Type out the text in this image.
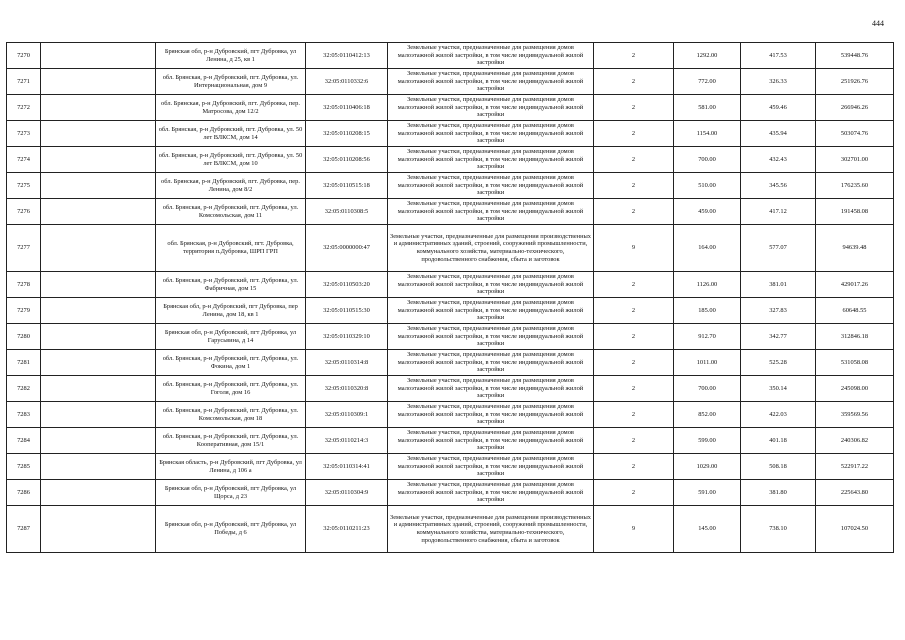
444
7270		Брянская обл, р-н Дубровский, пгт Дубровка, ул Ленина, д 25, кв 1	32:05:0110412:13	Земельные участки, предназначенные для размещения домов малоэтажной жилой застройки, в том числе индивидуальной жилой застройки	2	1292.00	417.53	539448.76
7271		обл. Брянская, р-н Дубровский, пгт. Дубровка, ул. Интернациональная, дом 9	32:05:0110332:6	Земельные участки, предназначенные для размещения домов малоэтажной жилой застройки, в том числе индивидуальной жилой застройки	2	772.00	326.33	251926.76
7272		обл. Брянская, р-н Дубровский, пгт. Дубровка, пер. Матросова, дом 12/2	32:05:0110406:18	Земельные участки, предназначенные для размещения домов малоэтажной жилой застройки, в том числе индивидуальной жилой застройки	2	581.00	459.46	266946.26
7273		обл. Брянская, р-н Дубровский, пгт. Дубровка, ул. 50 лет ВЛКСМ, дом 14	32:05:0110208:15	Земельные участки, предназначенные для размещения домов малоэтажной жилой застройки, в том числе индивидуальной жилой застройки	2	1154.00	435.94	503074.76
7274		обл. Брянская, р-н Дубровский, пгт. Дубровка, ул. 50 лет ВЛКСМ, дом 10	32:05:0110208:56	Земельные участки, предназначенные для размещения домов малоэтажной жилой застройки, в том числе индивидуальной жилой застройки	2	700.00	432.43	302701.00
7275		обл. Брянская, р-н Дубровский, пгт. Дубровка, пер. Ленина, дом 8/2	32:05:0110515:18	Земельные участки, предназначенные для размещения домов малоэтажной жилой застройки, в том числе индивидуальной жилой застройки	2	510.00	345.56	176235.60
7276		обл. Брянская, р-н Дубровский, пгт. Дубровка, ул. Комсомольская, дом 11	32:05:0110308:5	Земельные участки, предназначенные для размещения домов малоэтажной жилой застройки, в том числе индивидуальной жилой застройки	2	459.00	417.12	191458.08
7277		обл. Брянская, р-н Дубровский, пгт. Дубровка, территория п.Дубровка, ШРП ГРП	32:05:0000000:47	Земельные участки, предназначенные для размещения производственных и административных зданий, строений, сооружений промышленности, коммунального хозяйства, материально-технического, продовольственного снабжения, сбыта и заготовок	9	164.00	577.07	94639.48
7278		обл. Брянская, р-н Дубровский, пгт. Дубровка, ул. Фабричная, дом 15	32:05:0110503:20	Земельные участки, предназначенные для размещения домов малоэтажной жилой застройки, в том числе индивидуальной жилой застройки	2	1126.00	381.01	429017.26
7279		Брянская обл, р-н Дубровский, пгт Дубровка, пер Ленина, дом 18, кв 1	32:05:0110515:30	Земельные участки, предназначенные для размещения домов малоэтажной жилой застройки, в том числе индивидуальной жилой застройки	2	185.00	327.83	60648.55
7280		Брянская обл, р-н Дубровский, пгт Дубровка, ул Гарусьвина, д 14	32:05:0110329:10	Земельные участки, предназначенные для размещения домов малоэтажной жилой застройки, в том числе индивидуальной жилой застройки	2	912.70	342.77	312846.18
7281		обл. Брянская, р-н Дубровский, пгт. Дубровка, ул. Фокина, дом 1	32:05:0110314:8	Земельные участки, предназначенные для размещения домов малоэтажной жилой застройки, в том числе индивидуальной жилой застройки	2	1011.00	525.28	531058.08
7282		обл. Брянская, р-н Дубровский, пгт. Дубровка, ул. Гоголя, дом 16	32:05:0110320:8	Земельные участки, предназначенные для размещения домов малоэтажной жилой застройки, в том числе индивидуальной жилой застройки	2	700.00	350.14	245098.00
7283		обл. Брянская, р-н Дубровский, пгт. Дубровка, ул. Комсомольская, дом 18	32:05:0110309:1	Земельные участки, предназначенные для размещения домов малоэтажной жилой застройки, в том числе индивидуальной жилой застройки	2	852.00	422.03	359569.56
7284		обл. Брянская, р-н Дубровский, пгт. Дубровка, ул. Кооперативная, дом 15/1	32:05:0110214:3	Земельные участки, предназначенные для размещения домов малоэтажной жилой застройки, в том числе индивидуальной жилой застройки	2	599.00	401.18	240306.82
7285		Брянская область, р-н Дубровский, пгт Дубровка, ул Ленина, д 106 а	32:05:0110314:41	Земельные участки, предназначенные для размещения домов малоэтажной жилой застройки, в том числе индивидуальной жилой застройки	2	1029.00	508.18	522917.22
7286		Брянская обл, р-н Дубровский, пгт Дубровка, ул Щорса, д 23	32:05:0110304:9	Земельные участки, предназначенные для размещения домов малоэтажной жилой застройки, в том числе индивидуальной жилой застройки	2	591.00	381.80	225643.80
7287		Брянская обл, р-н Дубровский, пгт Дубровка, ул Победы, д 6	32:05:0110211:23	Земельные участки, предназначенные для размещения производственных и административных зданий, строений, сооружений промышленности, коммунального хозяйства, материально-технического, продовольственного снабжения, сбыта и заготовок	9	145.00	738.10	107024.50
